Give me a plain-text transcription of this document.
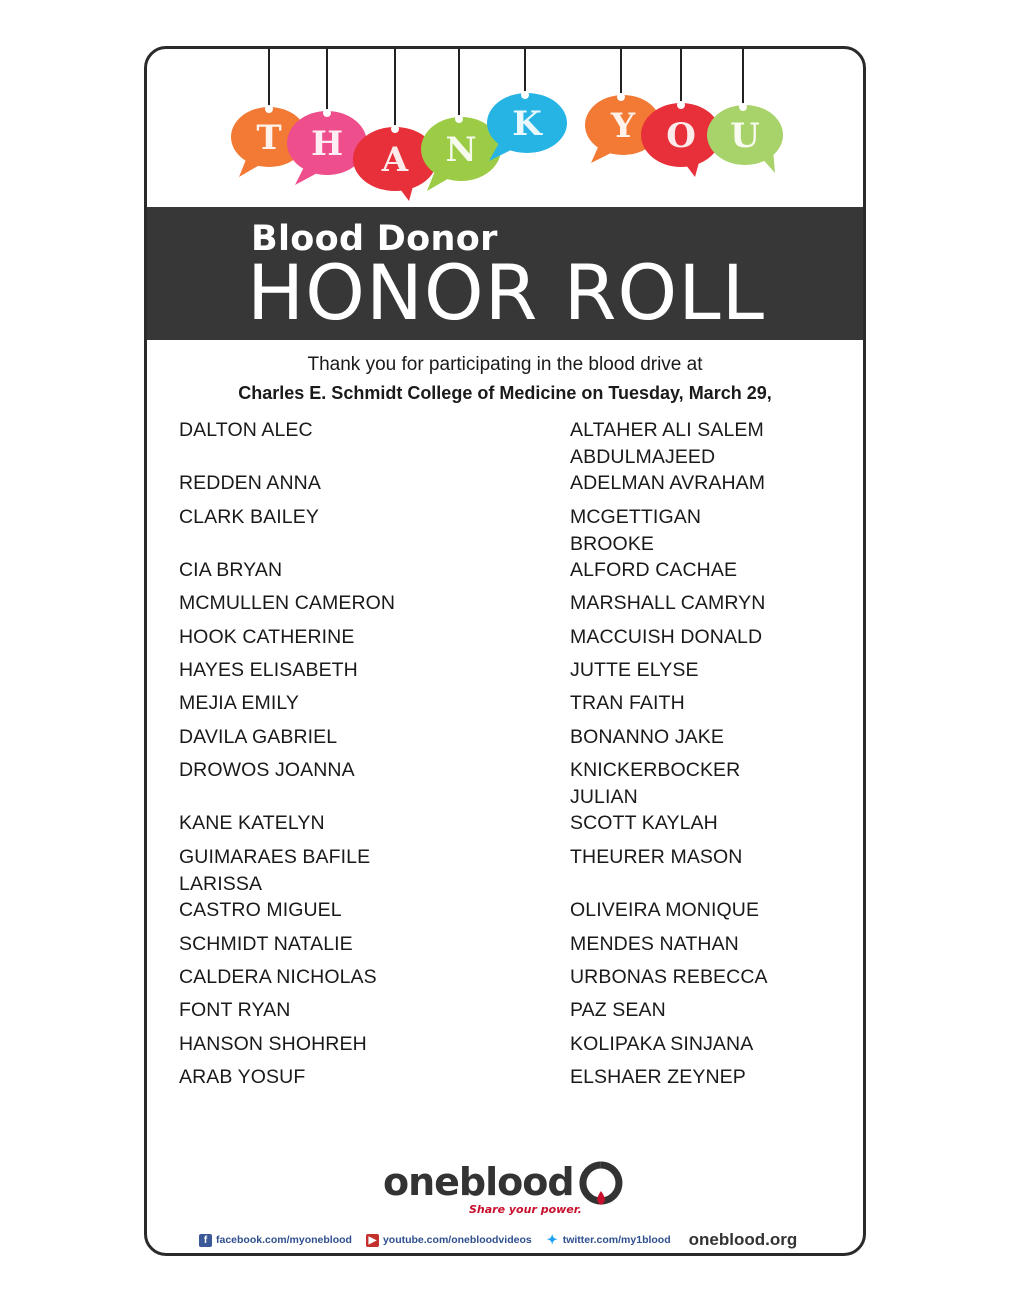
T H A N
K Y O U
Blood Donor
HONOR ROLL
Thank you for participating in the blood drive at
Charles E. Schmidt College of Medicine on Tuesday, March 29,
DALTON ALEC
REDDEN ANNA
CLARK BAILEY
CIA BRYAN
MCMULLEN CAMERON
HOOK CATHERINE
HAYES ELISABETH
MEJIA EMILY
DAVILA GABRIEL
DROWOS JOANNA
KANE KATELYN
GUIMARAES BAFILE LARISSA
CASTRO MIGUEL
SCHMIDT NATALIE
CALDERA NICHOLAS
FONT RYAN
HANSON SHOHREH
ARAB YOSUF
ALTAHER ALI SALEM ABDULMAJEED
ADELMAN AVRAHAM
MCGETTIGAN BROOKE
ALFORD CACHAE
MARSHALL CAMRYN
MACCUISH DONALD
JUTTE ELYSE
TRAN FAITH
BONANNO JAKE
KNICKERBOCKER JULIAN
SCOTT KAYLAH
THEURER MASON
OLIVEIRA MONIQUE
MENDES NATHAN
URBONAS REBECCA
PAZ SEAN
KOLIPAKA SINJANA
ELSHAER ZEYNEP
oneblood
Share your power.
f facebook.com/myoneblood ▶ youtube.com/onebloodvideos ✦ twitter.com/my1blood oneblood.org
